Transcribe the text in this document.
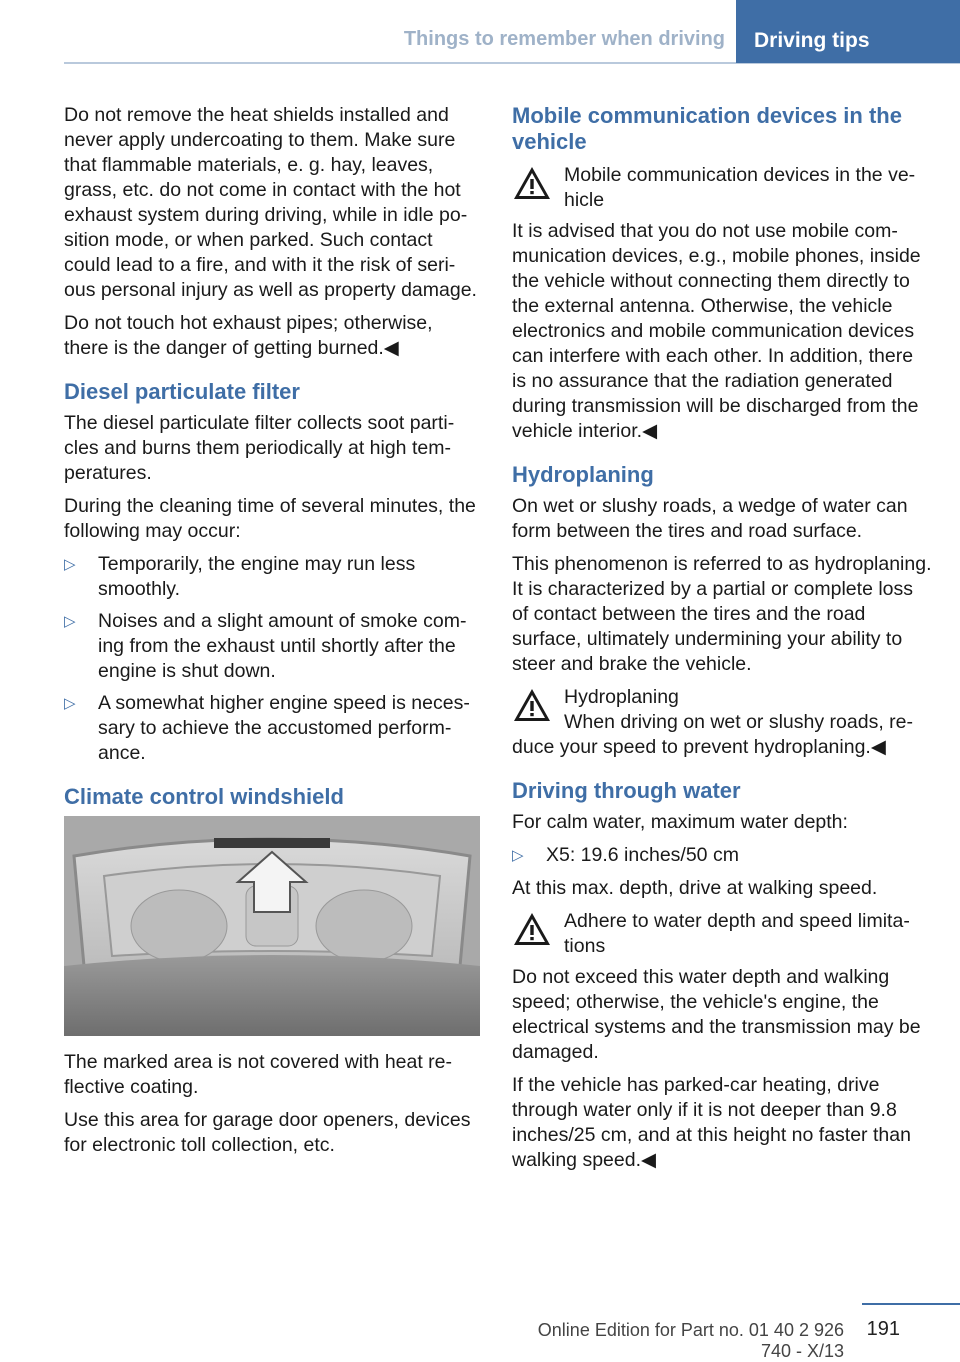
Things to remember when driving	Driving tips

Do not remove the heat shields installed and never apply undercoating to them. Make sure that flammable materials, e. g. hay, leaves, grass, etc. do not come in contact with the hot exhaust system during driving, while in idle position mode, or when parked. Such contact could lead to a fire, and with it the risk of serious personal injury as well as property damage.

Do not touch hot exhaust pipes; otherwise, there is the danger of getting burned.◀

Diesel particulate filter

The diesel particulate filter collects soot particles and burns them periodically at high temperatures.

During the cleaning time of several minutes, the following may occur:

▷ Temporarily, the engine may run less smoothly.
▷ Noises and a slight amount of smoke coming from the exhaust until shortly after the engine is shut down.
▷ A somewhat higher engine speed is necessary to achieve the accustomed performance.
Climate control windshield

The marked area is not covered with heat reflective coating.

Use this area for garage door openers, devices for electronic toll collection, etc.

Mobile communication devices in the vehicle
Mobile communication devices in the vehicle

It is advised that you do not use mobile communication devices, e.g., mobile phones, inside the vehicle without connecting them directly to the external antenna. Otherwise, the vehicle electronics and mobile communication devices can interfere with each other. In addition, there is no assurance that the radiation generated during transmission will be discharged from the vehicle interior.◀

Hydroplaning

On wet or slushy roads, a wedge of water can form between the tires and road surface.

This phenomenon is referred to as hydroplaning. It is characterized by a partial or complete loss of contact between the tires and the road surface, ultimately undermining your ability to steer and brake the vehicle.

Hydroplaning
When driving on wet or slushy roads, reduce your speed to prevent hydroplaning.◀
Driving through water

For calm water, maximum water depth:

▷ X5: 19.6 inches/50 cm

At this max. depth, drive at walking speed.

Adhere to water depth and speed limitations

Do not exceed this water depth and walking speed; otherwise, the vehicle's engine, the electrical systems and the transmission may be damaged.

If the vehicle has parked-car heating, drive through water only if it is not deeper than 9.8 inches/25 cm, and at this height no faster than walking speed.◀

Online Edition for Part no. 01 40 2 926 740 - X/13
191
